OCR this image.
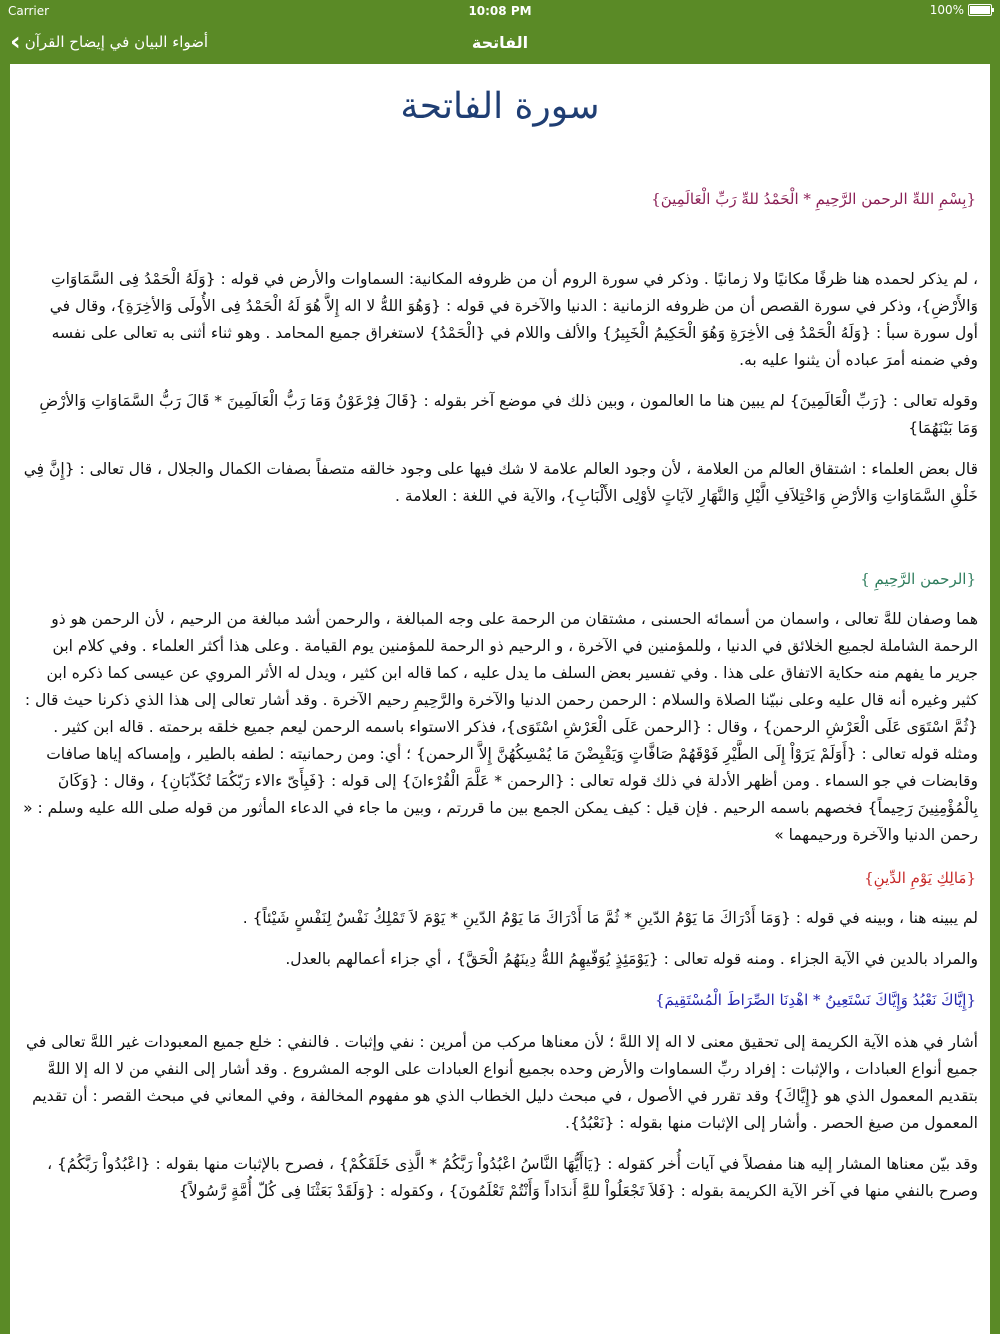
Carrier	10:08 PM	100%
‹ أضواء البيان في إيضاح القرآن	الفاتحة
سورة الفاتحة

{بِسْمِ اللهِّ الرحمن الرَّحِيمِ * الْحَمْدُ للهِّ رَبِّ الْعَالَمِينَ}

، لم يذكر لحمده هنا ظرفًا مكانيًا ولا زمانيًا . وذكر في سورة الروم أن من ظروفه المكانية: السماوات والأرض في قوله : {وَلَهُ الْحَمْدُ فِى السَّمَاوَاتِ وَالأَرْضِ}، وذكر في سورة القصص أن من ظروفه الزمانية : الدنيا والآخرة في قوله : {وَهُوَ اللهُّ لا اله إِلاَّ هُوَ لَهُ الْحَمْدُ فِى الأُولَى وَالأخِرَةِ}، وقال في أول سورة سبأ : {وَلَهُ الْحَمْدُ فِى الأخِرَةِ وَهُوَ الْحَكِيمُ الْخَبِيرُ} والألف واللام في {الْحَمْدُ} لاستغراق جميع المحامد . وهو ثناء أثنى به تعالى على نفسه وفي ضمنه أمرَ عباده أن يثنوا عليه به.

وقوله تعالى : {رَبِّ الْعَالَمِينَ} لم يبين هنا ما العالمون ، وبين ذلك في موضع آخر بقوله : {قَالَ فِرْعَوْنُ وَمَا رَبُّ الْعَالَمِينَ * قَالَ رَبُّ السَّمَاوَاتِ وَالأرْضِ وَمَا بَيْنَهُمَا}

قال بعض العلماء : اشتقاق العالم من العلامة ، لأن وجود العالم علامة لا شك فيها على وجود خالقه متصفاً بصفات الكمال والجلال ، قال تعالى : {إِنَّ فِي خَلْقِ السَّمَاوَاتِ وَالأرْضِ وَاخْتِلاَفِ الَّيْلِ وَالنَّهَارِ لآيَاتٍ لأوْلِى الأَلْبَابِ}، والآية في اللغة : العلامة .

{الرحمن الرَّحِيمِ }

هما وصفان للهَّ تعالى ، واسمان من أسمائه الحسنى ، مشتقان من الرحمة على وجه المبالغة ، والرحمن أشد مبالغة من الرحيم ، لأن الرحمن هو ذو الرحمة الشاملة لجميع الخلائق في الدنيا ، وللمؤمنين في الآخرة ، و الرحيم ذو الرحمة للمؤمنين يوم القيامة . وعلى هذا أكثر العلماء . وفي كلام ابن جرير ما يفهم منه حكاية الاتفاق على هذا . وفي تفسير بعض السلف ما يدل عليه ، كما قاله ابن كثير ، ويدل له الأثر المروي عن عيسى كما ذكره ابن كثير وغيره أنه قال عليه وعلى نبيّنا الصلاة والسلام : الرحمن رحمن الدنيا والآخرة والرَّحِيمِ رحيم الآخرة . وقد أشار تعالى إلى هذا الذي ذكرنا حيث قال : {ثُمَّ اسْتَوَى عَلَى الْعَرْشِ الرحمن} ، وقال : {الرحمن عَلَى الْعَرْشِ اسْتَوَى}، فذكر الاستواء باسمه الرحمن ليعم جميع خلقه برحمته . قاله ابن كثير . ومثله قوله تعالى : {أَوَلَمْ يَرَوْاْ إِلَى الطَّيْرِ فَوْقَهُمْ صَافَّاتٍ وَيَقْبِضْنَ مَا يُمْسِكُهُنَّ إِلاَّ الرحمن} ؛ أي: ومن رحمانيته : لطفه بالطير ، وإمساكه إياها صافات وقابضات في جو السماء . ومن أظهر الأدلة في ذلك قوله تعالى : {الرحمن * عَلَّمَ الْقُرْءانَ} إلى قوله : {فَبِأَىّ ءالاء رَبّكُمَا تُكَذّبَانِ} ، وقال : {وَكَانَ بِالْمُؤْمِنِينَ رَحِيماً} فخصهم باسمه الرحيم . فإن قيل : كيف يمكن الجمع بين ما قررتم ، وبين ما جاء في الدعاء المأثور من قوله صلى الله عليه وسلم : « رحمن الدنيا والآخرة ورحيمهما »

{مَالِكِ يَوْمِ الدِّينِ}

لم يبينه هنا ، وبينه في قوله : {وَمَا أَدْرَاكَ مَا يَوْمُ الدّينِ * ثُمَّ مَا أَدْرَاكَ مَا يَوْمُ الدّينِ * يَوْمَ لاَ تَمْلِكُ نَفْسٌ لِنَفْسٍ شَيْئاً} .

والمراد بالدين في الآية الجزاء . ومنه قوله تعالى : {يَوْمَئِذٍ يُوَفّيهِمُ اللهُّ دِينَهُمُ الْحَقَّ} ، أي جزاء أعمالهم بالعدل.

{إِيَّاكَ نَعْبُدُ وَإِيَّاكَ نَسْتَعِينُ * اهْدِنَا الصِّرَاطَ الْمُسْتَقِيمَ}

أشار في هذه الآية الكريمة إلى تحقيق معنى لا اله إلا اللهَّ ؛ لأن معناها مركب من أمرين : نفي وإثبات . فالنفي : خلع جميع المعبودات غير اللهَّ تعالى في جميع أنواع العبادات ، والإثبات : إفراد ربِّ السماوات والأرض وحده بجميع أنواع العبادات على الوجه المشروع . وقد أشار إلى النفي من لا اله إلا اللهَّ بتقديم المعمول الذي هو {إِيَّاكَ} وقد تقرر في الأصول ، في مبحث دليل الخطاب الذي هو مفهوم المخالفة ، وفي المعاني في مبحث القصر : أن تقديم المعمول من صيغ الحصر . وأشار إلى الإثبات منها بقوله : {نَعْبُدُ}.

وقد بيّن معناها المشار إليه هنا مفصلاً في آيات أُخر كقوله : {يَاأَيُّهَا النَّاسُ اعْبُدُواْ رَبَّكُمُ * الَّذِى خَلَقَكُمْ} ، فصرح بالإثبات منها بقوله : {اعْبُدُواْ رَبَّكُمُ} ، وصرح بالنفي منها في آخر الآية الكريمة بقوله : {فَلاَ تَجْعَلُواْ للهَِّ أَندَاداً وَأَنْتُمْ تَعْلَمُونَ} ، وكقوله : {وَلَقَدْ بَعَثْنَا فِى كُلّ أُمَّةٍ رَّسُولاً}
